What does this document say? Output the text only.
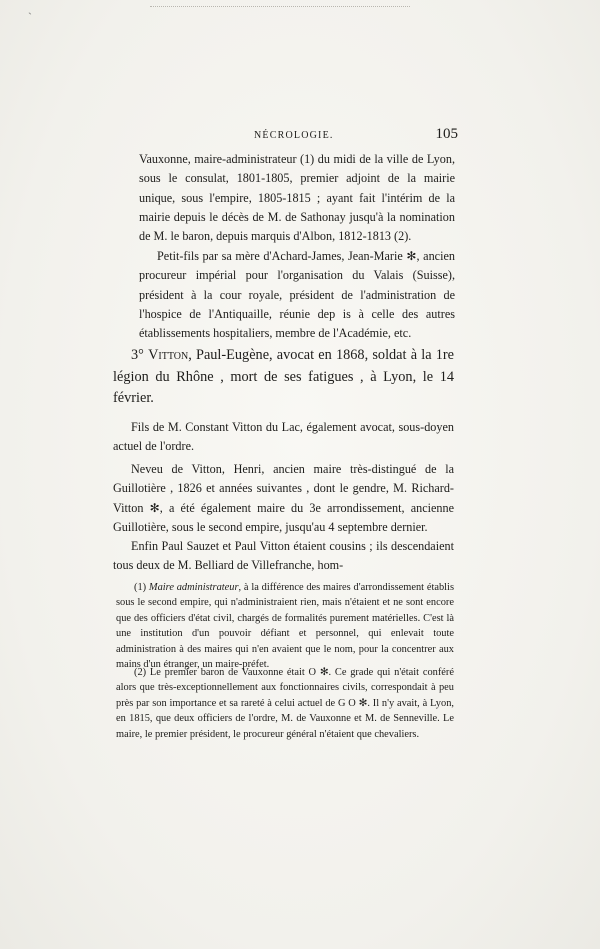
ˋ
NÉCROLOGIE.	105

Vauxonne, maire-administrateur (1) du midi de la ville de Lyon, sous le consulat, 1801-1805, premier adjoint de la mairie unique, sous l'empire, 1805-1815 ; ayant fait l'intérim de la mairie depuis le décès de M. de Sathonay jusqu'à la nomination de M. le baron, depuis marquis d'Albon, 1812-1813 (2).

Petit-fils par sa mère d'Achard-James, Jean-Marie ✻, ancien procureur impérial pour l'organisation du Valais (Suisse), président à la cour royale, président de l'administration de l'hospice de l'Antiquaille, réunie dep is à celle des autres établissements hospitaliers, membre de l'Académie, etc.

3° Vitton, Paul-Eugène, avocat en 1868, soldat à la 1re légion du Rhône , mort de ses fatigues , à Lyon, le 14 février.

Fils de M. Constant Vitton du Lac, également avocat, sous-doyen actuel de l'ordre.

Neveu de Vitton, Henri, ancien maire très-distingué de la Guillotière , 1826 et années suivantes , dont le gendre, M. Richard-Vitton ✻, a été également maire du 3e arrondissement, ancienne Guillotière, sous le second empire, jusqu'au 4 septembre dernier.

Enfin Paul Sauzet et Paul Vitton étaient cousins ; ils descendaient tous deux de M. Belliard de Villefranche, hom-

(1) Maire administrateur, à la différence des maires d'arrondissement établis sous le second empire, qui n'administraient rien, mais n'étaient et ne sont encore que des officiers d'état civil, chargés de formalités purement matérielles. C'est là une institution d'un pouvoir défiant et personnel, qui enlevait toute administration à des maires qui n'en avaient que le nom, pour la concentrer aux mains d'un étranger, un maire-préfet.

(2) Le premier baron de Vauxonne était O ✻. Ce grade qui n'était conféré alors que très-exceptionnellement aux fonctionnaires civils, correspondait à peu près par son importance et sa rareté à celui actuel de G O ✻. Il n'y avait, à Lyon, en 1815, que deux officiers de l'ordre, M. de Vauxonne et M. de Senneville. Le maire, le premier président, le procureur général n'étaient que chevaliers.
